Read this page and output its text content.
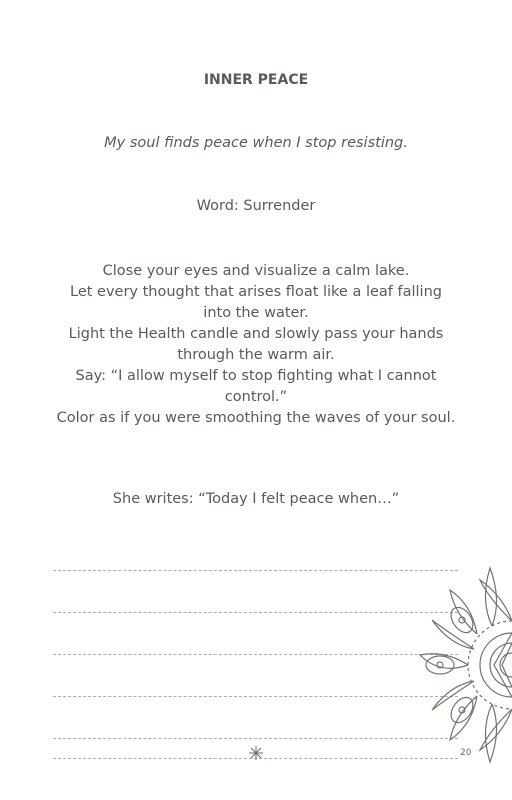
INNER PEACE
My soul finds peace when I stop resisting.
Word: Surrender
Close your eyes and visualize a calm lake.
Let every thought that arises float like a leaf falling into the water.
Light the Health candle and slowly pass your hands through the warm air.
Say: “I allow myself to stop fighting what I cannot control.”
Color as if you were smoothing the waves of your soul.
She writes: “Today I felt peace when…”
20
